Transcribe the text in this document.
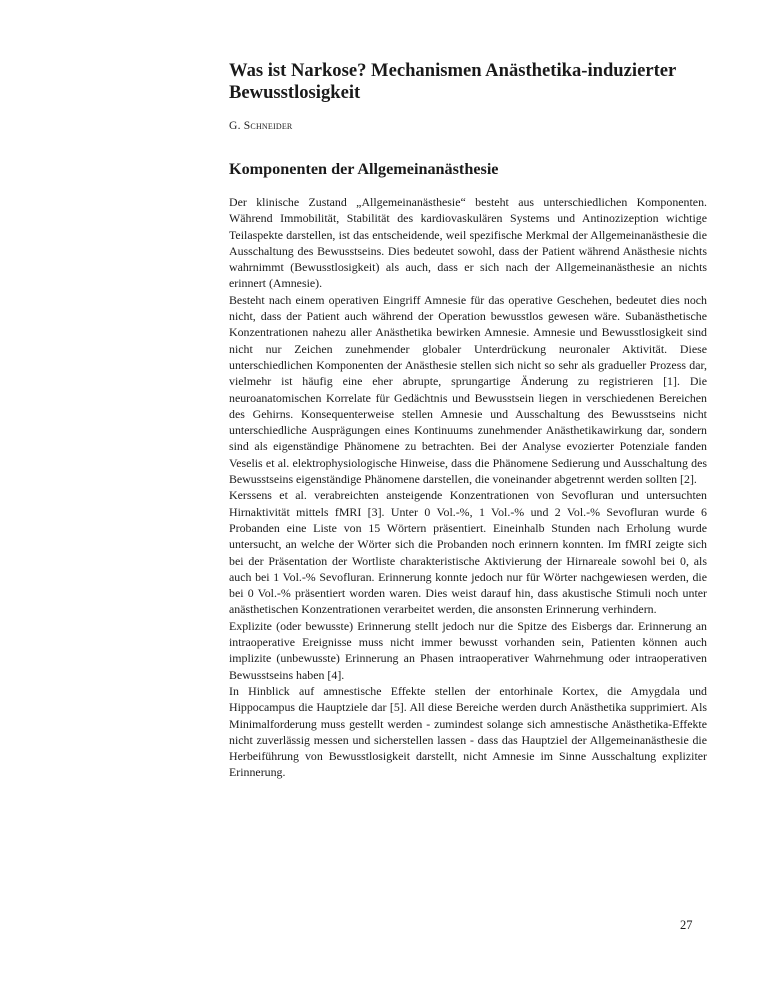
Was ist Narkose? Mechanismen Anästhetika-induzierter Bewusstlosigkeit
G. Schneider
Komponenten der Allgemeinanästhesie

Der klinische Zustand „Allgemeinanästhesie“ besteht aus unterschiedlichen Komponenten. Während Immobilität, Stabilität des kardiovaskulären Systems und Antinozizeption wichtige Teilaspekte darstellen, ist das entscheidende, weil spezifische Merkmal der Allgemeinanästhesie die Ausschaltung des Bewusstseins. Dies bedeutet sowohl, dass der Patient während Anästhesie nichts wahrnimmt (Bewusstlosigkeit) als auch, dass er sich nach der Allgemeinanästhesie an nichts erinnert (Amnesie).

Besteht nach einem operativen Eingriff Amnesie für das operative Geschehen, bedeutet dies noch nicht, dass der Patient auch während der Operation bewusstlos gewesen wäre. Subanästhetische Konzentrationen nahezu aller Anästhetika bewirken Amnesie. Amnesie und Bewusstlosigkeit sind nicht nur Zeichen zunehmender globaler Unterdrückung neuronaler Aktivität. Diese unterschiedlichen Komponenten der Anästhesie stellen sich nicht so sehr als gradueller Prozess dar, vielmehr ist häufig eine eher abrupte, sprungartige Änderung zu registrieren [1]. Die neuroanatomischen Korrelate für Gedächtnis und Bewusstsein liegen in verschiedenen Bereichen des Gehirns. Konsequenterweise stellen Amnesie und Ausschaltung des Bewusstseins nicht unterschiedliche Ausprägungen eines Kontinuums zunehmender Anästhetikawirkung dar, sondern sind als eigenständige Phänomene zu betrachten. Bei der Analyse evozierter Potenziale fanden Veselis et al. elektrophysiologische Hinweise, dass die Phänomene Sedierung und Ausschaltung des Bewusstseins eigenständige Phänomene darstellen, die voneinander abgetrennt werden sollten [2].

Kerssens et al. verabreichten ansteigende Konzentrationen von Sevofluran und untersuchten Hirnaktivität mittels fMRI [3]. Unter 0 Vol.-%, 1 Vol.-% und 2 Vol.-% Sevofluran wurde 6 Probanden eine Liste von 15 Wörtern präsentiert. Eineinhalb Stunden nach Erholung wurde untersucht, an welche der Wörter sich die Probanden noch erinnern konnten. Im fMRI zeigte sich bei der Präsentation der Wortliste charakteristische Aktivierung der Hirnareale sowohl bei 0, als auch bei 1 Vol.-% Sevofluran. Erinnerung konnte jedoch nur für Wörter nachgewiesen werden, die bei 0 Vol.-% präsentiert worden waren. Dies weist darauf hin, dass akustische Stimuli noch unter anästhetischen Konzentrationen verarbeitet werden, die ansonsten Erinnerung verhindern.

Explizite (oder bewusste) Erinnerung stellt jedoch nur die Spitze des Eisbergs dar. Erinnerung an intraoperative Ereignisse muss nicht immer bewusst vorhanden sein, Patienten können auch implizite (unbewusste) Erinnerung an Phasen intraoperativer Wahrnehmung oder intraoperativen Bewusstseins haben [4].

In Hinblick auf amnestische Effekte stellen der entorhinale Kortex, die Amygdala und Hippocampus die Hauptziele dar [5]. All diese Bereiche werden durch Anästhetika supprimiert. Als Minimalforderung muss gestellt werden - zumindest solange sich amnestische Anästhetika-Effekte nicht zuverlässig messen und sicherstellen lassen - dass das Hauptziel der Allgemeinanästhesie die Herbeiführung von Bewusstlosigkeit darstellt, nicht Amnesie im Sinne Ausschaltung expliziter Erinnerung.

27
